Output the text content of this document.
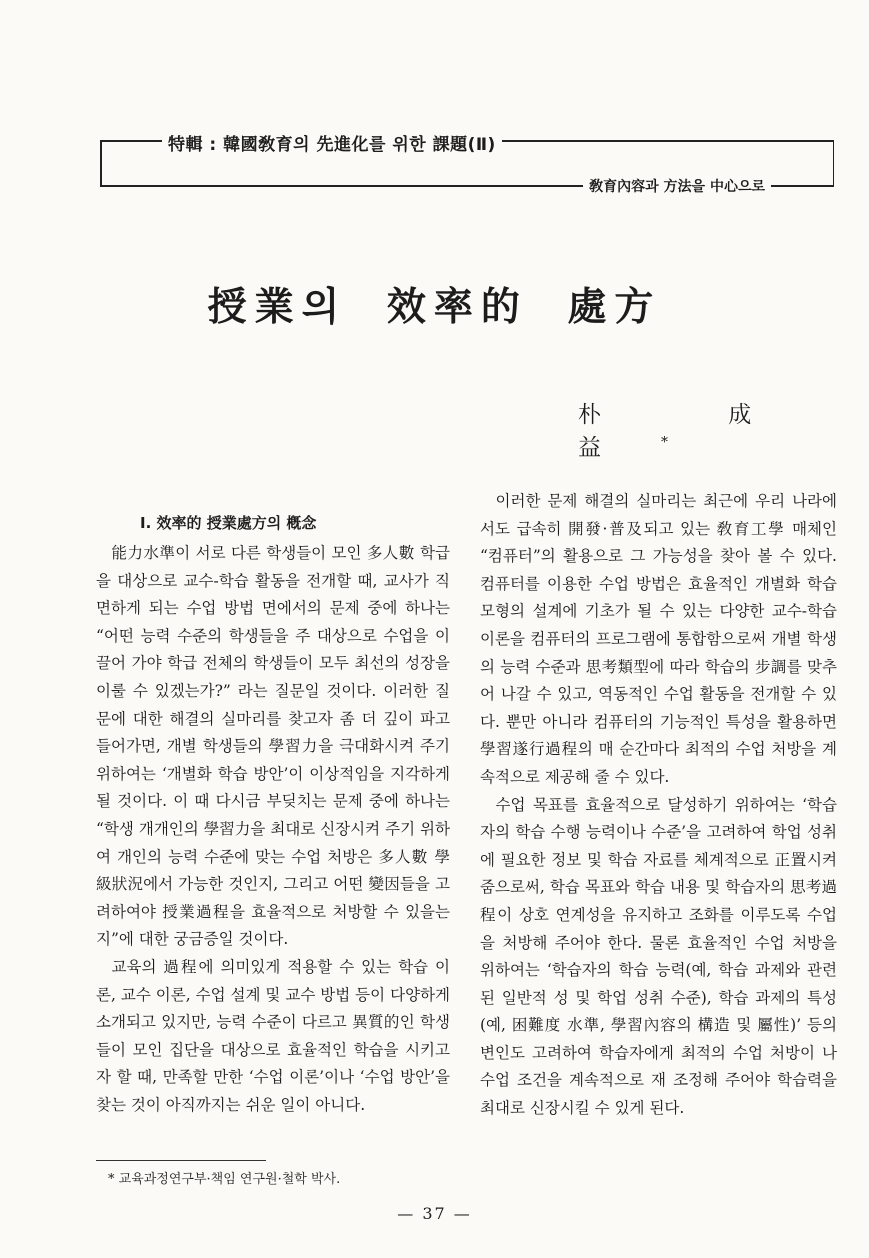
特輯 : 韓國敎育의 先進化를 위한 課題(Ⅱ)
敎育內容과 方法을 中心으로
授業의 效率的 處方
朴 成 益*
Ⅰ. 效率的 授業處方의 槪念

能力水準이 서로 다른 학생들이 모인 多人數 학급을 대상으로 교수-학습 활동을 전개할 때, 교사가 직면하게 되는 수업 방법 면에서의 문제 중에 하나는 “어떤 능력 수준의 학생들을 주 대상으로 수업을 이끌어 가야 학급 전체의 학생들이 모두 최선의 성장을 이룰 수 있겠는가?” 라는 질문일 것이다. 이러한 질문에 대한 해결의 실마리를 찾고자 좀 더 깊이 파고 들어가면, 개별 학생들의 學習力을 극대화시켜 주기 위하여는 ‘개별화 학습 방안’이 이상적임을 지각하게 될 것이다. 이 때 다시금 부딪치는 문제 중에 하나는 “학생 개개인의 學習力을 최대로 신장시켜 주기 위하여 개인의 능력 수준에 맞는 수업 처방은 多人數 學級狀況에서 가능한 것인지, 그리고 어떤 變因들을 고려하여야 授業過程을 효율적으로 처방할 수 있을는지”에 대한 궁금증일 것이다.

교육의 過程에 의미있게 적용할 수 있는 학습 이론, 교수 이론, 수업 설계 및 교수 방법 등이 다양하게 소개되고 있지만, 능력 수준이 다르고 異質的인 학생들이 모인 집단을 대상으로 효율적인 학습을 시키고자 할 때, 만족할 만한 ‘수업 이론’이나 ‘수업 방안’을 찾는 것이 아직까지는 쉬운 일이 아니다.

이러한 문제 해결의 실마리는 최근에 우리 나라에서도 급속히 開發·普及되고 있는 敎育工學 매체인 “컴퓨터”의 활용으로 그 가능성을 찾아 볼 수 있다. 컴퓨터를 이용한 수업 방법은 효율적인 개별화 학습 모형의 설계에 기초가 될 수 있는 다양한 교수-학습 이론을 컴퓨터의 프로그램에 통합함으로써 개별 학생의 능력 수준과 思考類型에 따라 학습의 步調를 맞추어 나갈 수 있고, 역동적인 수업 활동을 전개할 수 있다. 뿐만 아니라 컴퓨터의 기능적인 특성을 활용하면 學習遂行過程의 매 순간마다 최적의 수업 처방을 계속적으로 제공해 줄 수 있다.

수업 목표를 효율적으로 달성하기 위하여는 ‘학습자의 학습 수행 능력이나 수준’을 고려하여 학업 성취에 필요한 정보 및 학습 자료를 체계적으로 正置시켜 줌으로써, 학습 목표와 학습 내용 및 학습자의 思考過程이 상호 연계성을 유지하고 조화를 이루도록 수업을 처방해 주어야 한다. 물론 효율적인 수업 처방을 위하여는 ‘학습자의 학습 능력(예, 학습 과제와 관련된 일반적 성 및 학업 성취 수준), 학습 과제의 특성(예, 困難度 水準, 學習內容의 構造 및 屬性)’ 등의 변인도 고려하여 학습자에게 최적의 수업 처방이 나 수업 조건을 계속적으로 재 조정해 주어야 학습력을 최대로 신장시킬 수 있게 된다.

* 교육과정연구부·책임 연구원·철학 박사.
— 37 —
